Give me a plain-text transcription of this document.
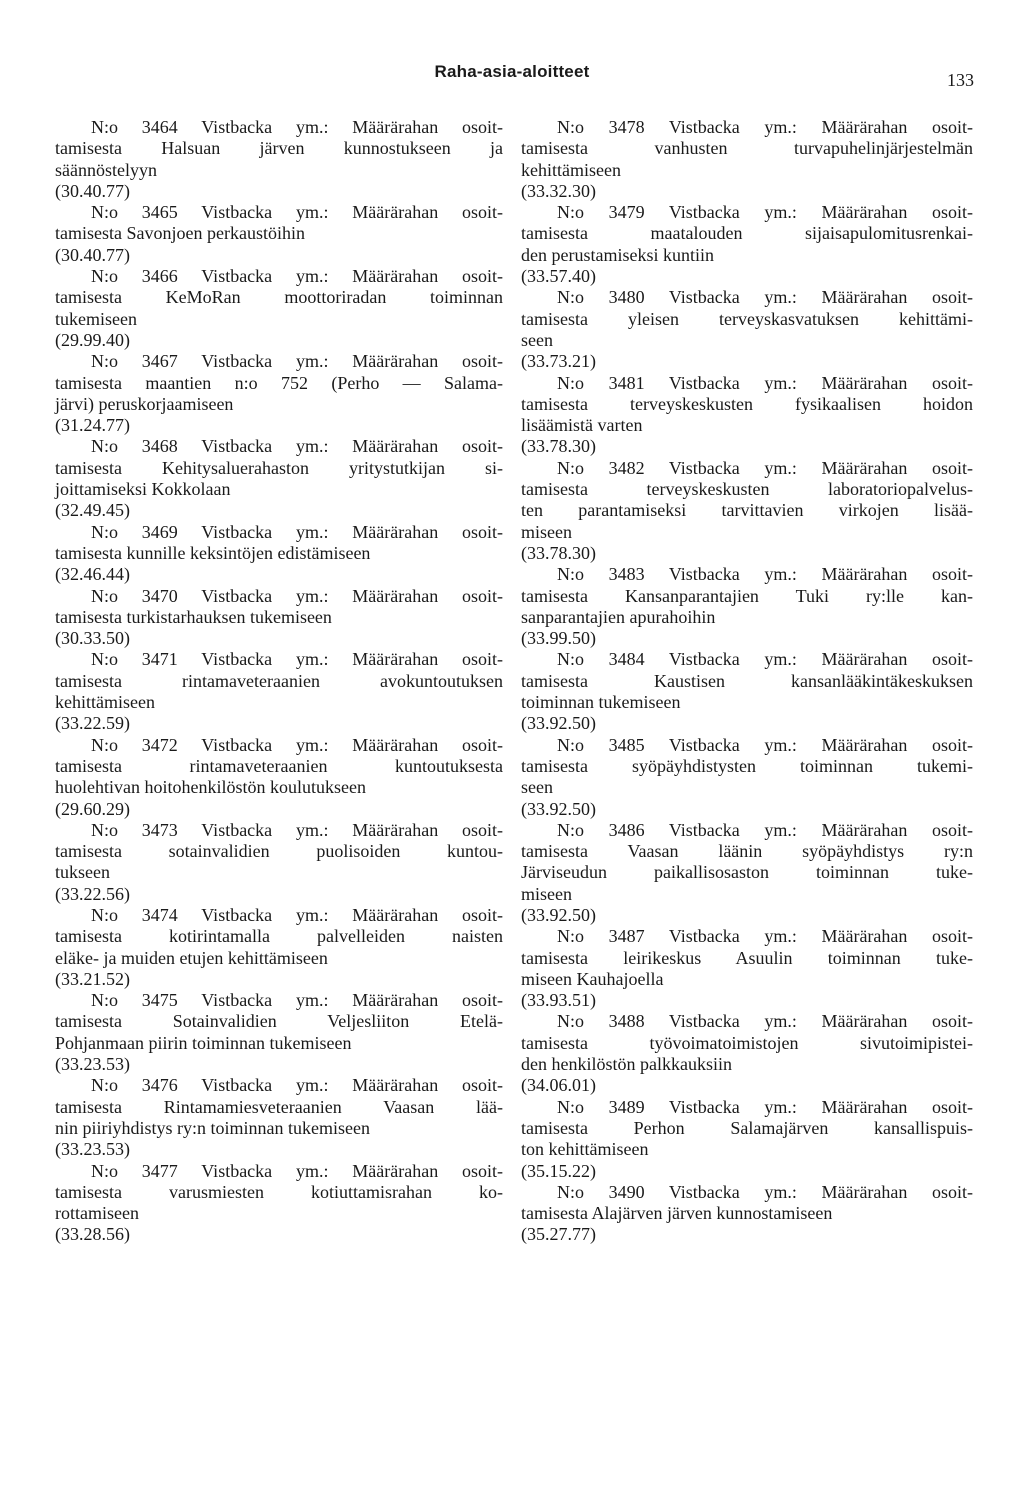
Raha-asia-aloitteet	133
N:o 3464 Vistbacka ym.: Määrärahan osoit-
tamisesta Halsuan järven kunnostukseen ja
säännöstelyyn
(30.40.77)
N:o 3465 Vistbacka ym.: Määrärahan osoit-
tamisesta Savonjoen perkaustöihin
(30.40.77)
N:o 3466 Vistbacka ym.: Määrärahan osoit-
tamisesta KeMoRan moottoriradan toiminnan
tukemiseen
(29.99.40)
N:o 3467 Vistbacka ym.: Määrärahan osoit-
tamisesta maantien n:o 752 (Perho — Salama-
järvi) peruskorjaamiseen
(31.24.77)
N:o 3468 Vistbacka ym.: Määrärahan osoit-
tamisesta Kehitysaluerahaston yritystutkijan si-
joittamiseksi Kokkolaan
(32.49.45)
N:o 3469 Vistbacka ym.: Määrärahan osoit-
tamisesta kunnille keksintöjen edistämiseen
(32.46.44)
N:o 3470 Vistbacka ym.: Määrärahan osoit-
tamisesta turkistarhauksen tukemiseen
(30.33.50)
N:o 3471 Vistbacka ym.: Määrärahan osoit-
tamisesta rintamaveteraanien avokuntoutuksen
kehittämiseen
(33.22.59)
N:o 3472 Vistbacka ym.: Määrärahan osoit-
tamisesta rintamaveteraanien kuntoutuksesta
huolehtivan hoitohenkilöstön koulutukseen
(29.60.29)
N:o 3473 Vistbacka ym.: Määrärahan osoit-
tamisesta sotainvalidien puolisoiden kuntou-
tukseen
(33.22.56)
N:o 3474 Vistbacka ym.: Määrärahan osoit-
tamisesta kotirintamalla palvelleiden naisten
eläke- ja muiden etujen kehittämiseen
(33.21.52)
N:o 3475 Vistbacka ym.: Määrärahan osoit-
tamisesta Sotainvalidien Veljesliiton Etelä-
Pohjanmaan piirin toiminnan tukemiseen
(33.23.53)
N:o 3476 Vistbacka ym.: Määrärahan osoit-
tamisesta Rintamamiesveteraanien Vaasan lää-
nin piiriyhdistys ry:n toiminnan tukemiseen
(33.23.53)
N:o 3477 Vistbacka ym.: Määrärahan osoit-
tamisesta varusmiesten kotiuttamisrahan ko-
rottamiseen
(33.28.56)
N:o 3478 Vistbacka ym.: Määrärahan osoit-
tamisesta vanhusten turvapuhelinjärjestelmän
kehittämiseen
(33.32.30)
N:o 3479 Vistbacka ym.: Määrärahan osoit-
tamisesta maatalouden sijaisapulomitusrenkai-
den perustamiseksi kuntiin
(33.57.40)
N:o 3480 Vistbacka ym.: Määrärahan osoit-
tamisesta yleisen terveyskasvatuksen kehittämi-
seen
(33.73.21)
N:o 3481 Vistbacka ym.: Määrärahan osoit-
tamisesta terveyskeskusten fysikaalisen hoidon
lisäämistä varten
(33.78.30)
N:o 3482 Vistbacka ym.: Määrärahan osoit-
tamisesta terveyskeskusten laboratoriopalvelus-
ten parantamiseksi tarvittavien virkojen lisää-
miseen
(33.78.30)
N:o 3483 Vistbacka ym.: Määrärahan osoit-
tamisesta Kansanparantajien Tuki ry:lle kan-
sanparantajien apurahoihin
(33.99.50)
N:o 3484 Vistbacka ym.: Määrärahan osoit-
tamisesta Kaustisen kansanlääkintäkeskuksen
toiminnan tukemiseen
(33.92.50)
N:o 3485 Vistbacka ym.: Määrärahan osoit-
tamisesta syöpäyhdistysten toiminnan tukemi-
seen
(33.92.50)
N:o 3486 Vistbacka ym.: Määrärahan osoit-
tamisesta Vaasan läänin syöpäyhdistys ry:n
Järviseudun paikallisosaston toiminnan tuke-
miseen
(33.92.50)
N:o 3487 Vistbacka ym.: Määrärahan osoit-
tamisesta leirikeskus Asuulin toiminnan tuke-
miseen Kauhajoella
(33.93.51)
N:o 3488 Vistbacka ym.: Määrärahan osoit-
tamisesta työvoimatoimistojen sivutoimipistei-
den henkilöstön palkkauksiin
(34.06.01)
N:o 3489 Vistbacka ym.: Määrärahan osoit-
tamisesta Perhon Salamajärven kansallispuis-
ton kehittämiseen
(35.15.22)
N:o 3490 Vistbacka ym.: Määrärahan osoit-
tamisesta Alajärven järven kunnostamiseen
(35.27.77)
